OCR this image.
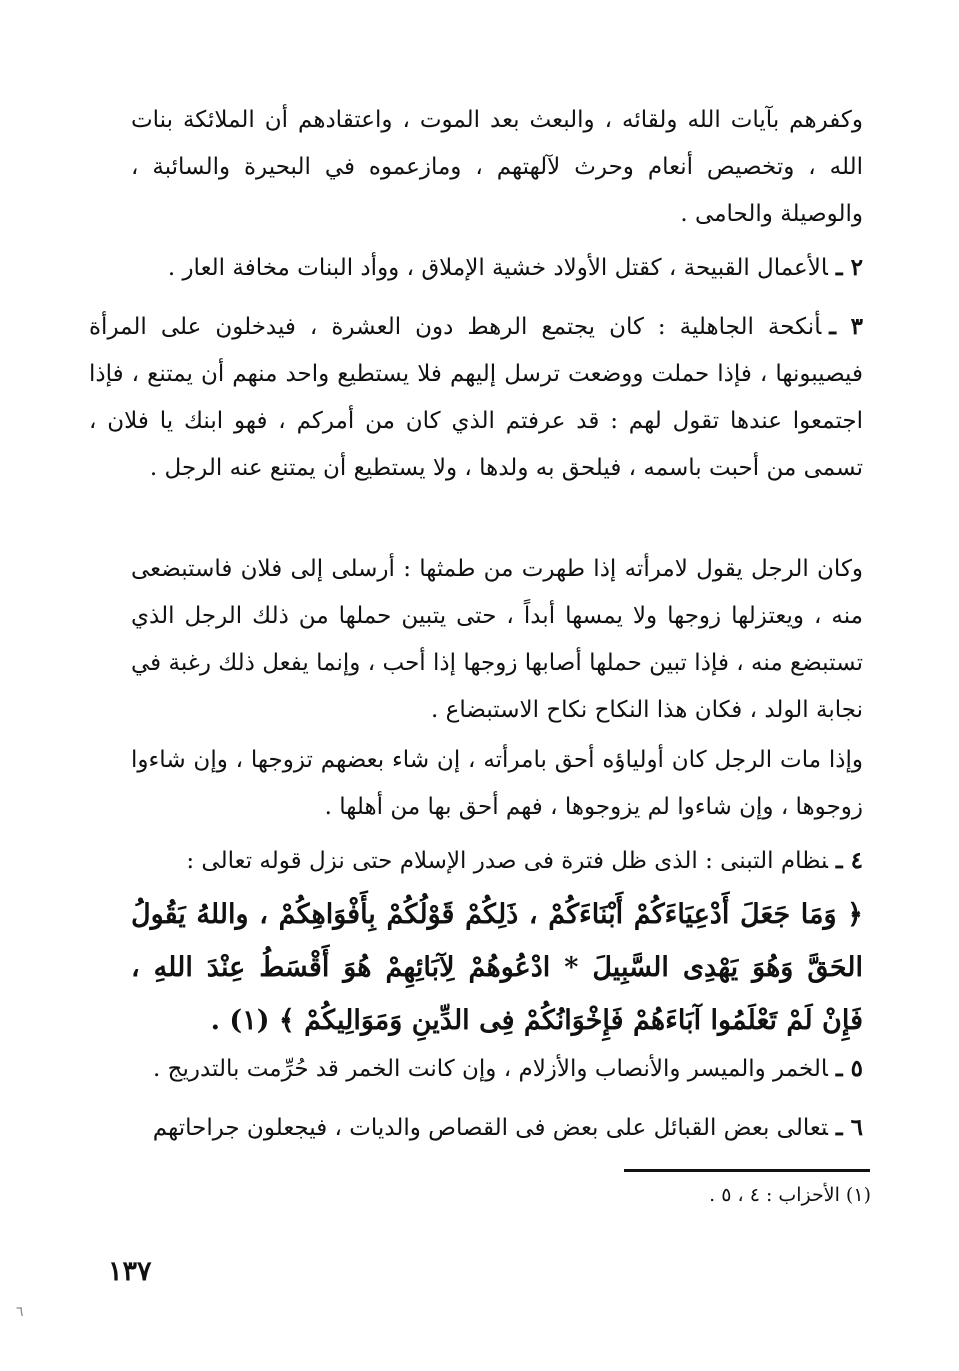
وكفرهم بآيات الله ولقائه ، والبعث بعد الموت ، واعتقادهم أن الملائكة بنات الله ، وتخصيص أنعام وحرث لآلهتهم ، ومازعموه في البحيرة والسائبة ، والوصيلة والحامى .

٢ ـالأعمال القبيحة ، كقتل الأولاد خشية الإملاق ، ووأد البنات مخافة العار .

٣ ـأنكحة الجاهلية : كان يجتمع الرهط دون العشرة ، فيدخلون على المرأة فيصيبونها ، فإذا حملت ووضعت ترسل إليهم فلا يستطيع واحد منهم أن يمتنع ، فإذا اجتمعوا عندها تقول لهم : قد عرفتم الذي كان من أمركم ، فهو ابنك يا فلان ، تسمى من أحبت باسمه ، فيلحق به ولدها ، ولا يستطيع أن يمتنع عنه الرجل .

وكان الرجل يقول لامرأته إذا طهرت من طمثها : أرسلى إلى فلان فاستبضعى منه ، ويعتزلها زوجها ولا يمسها أبداً ، حتى يتبين حملها من ذلك الرجل الذي تستبضع منه ، فإذا تبين حملها أصابها زوجها إذا أحب ، وإنما يفعل ذلك رغبة في نجابة الولد ، فكان هذا النكاح نكاح الاستبضاع .

وإذا مات الرجل كان أولياؤه أحق بامرأته ، إن شاء بعضهم تزوجها ، وإن شاءوا زوجوها ، وإن شاءوا لم يزوجوها ، فهم أحق بها من أهلها .

٤ ـنظام التبنى : الذى ظل فترة فى صدر الإسلام حتى نزل قوله تعالى :

﴿ وَمَا جَعَلَ أَدْعِيَاءَكُمْ أَبْنَاءَكُمْ ، ذَلِكُمْ قَوْلُكُمْ بِأَفْوَاهِكُمْ ، واللهُ يَقُولُ الحَقَّ وَهُوَ يَهْدِى السَّبِيلَ * ادْعُوهُمْ لِآبَائِهِمْ هُوَ أَقْسَطُ عِنْدَ اللهِ ، فَإِنْ لَمْ تَعْلَمُوا آبَاءَهُمْ فَإِخْوَانُكُمْ فِى الدِّينِ وَمَوَالِيكُمْ ﴾ (١) .

٥ ـالخمر والميسر والأنصاب والأزلام ، وإن كانت الخمر قد حُرِّمت بالتدريج .

٦ ـتعالى بعض القبائل على بعض فى القصاص والديات ، فيجعلون جراحاتهم

(١) الأحزاب : ٤ ، ٥ .
١٣٧
٦
